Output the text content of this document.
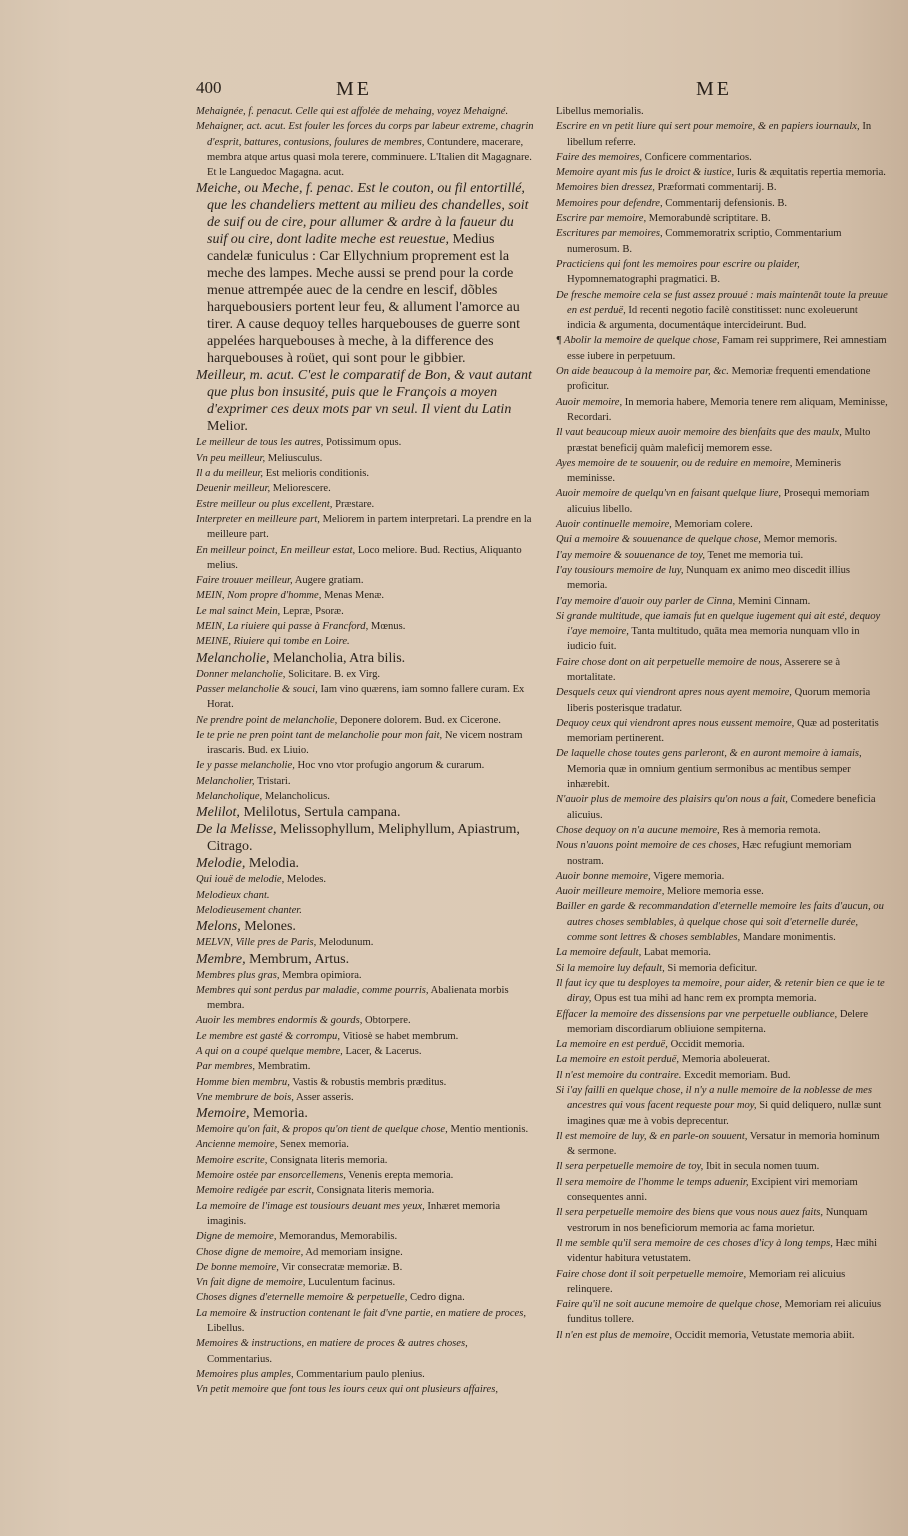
400	ME	ME

Mehaignée, f. penacut. Celle qui est affolée de mehaing, voyez Mehaigné.

Mehaigner, act. acut. Est fouler les forces du corps par labeur extreme, chagrin d'esprit, battures, contusions, foulures de membres, Contundere, macerare, membra atque artus quasi mola terere, comminuere. L'Italien dit Magagnare. Et le Languedoc Magagna. acut.

Meiche, ou Meche, f. penac. Est le couton, ou fil entortillé, que les chandeliers mettent au milieu des chandelles, soit de suif ou de cire, pour allumer & ardre à la faueur du suif ou cire, dont ladite meche est reuestue, Medius candelæ funiculus : Car Ellychnium proprement est la meche des lampes. Meche aussi se prend pour la corde menue attrempée auec de la cendre en lescif, dõbles harquebousiers portent leur feu, & allument l'amorce au tirer. A cause dequoy telles harquebouses de guerre sont appelées harquebouses à meche, à la difference des harquebouses à roüet, qui sont pour le gibbier.

Meilleur, m. acut. C'est le comparatif de Bon, & vaut autant que plus bon insusité, puis que le François a moyen d'exprimer ces deux mots par vn seul. Il vient du Latin Melior.

Le meilleur de tous les autres, Potissimum opus.

Vn peu meilleur, Meliusculus.

Il a du meilleur, Est melioris conditionis.

Deuenir meilleur, Meliorescere.

Estre meilleur ou plus excellent, Præstare.

Interpreter en meilleure part, Meliorem in partem interpretari. La prendre en la meilleure part.

En meilleur poinct, En meilleur estat, Loco meliore. Bud. Rectius, Aliquanto melius.

Faire trouuer meilleur, Augere gratiam.

MEIN, Nom propre d'homme, Menas Menæ.

Le mal sainct Mein, Lepræ, Psoræ.

MEIN, La riuiere qui passe à Francford, Mœnus.

MEINE, Riuiere qui tombe en Loire.

Melancholie, Melancholia, Atra bilis.

Donner melancholie, Solicitare. B. ex Virg.

Passer melancholie & souci, Iam vino quærens, iam somno fallere curam. Ex Horat.

Ne prendre point de melancholie, Deponere dolorem. Bud. ex Cicerone.

Ie te prie ne pren point tant de melancholie pour mon fait, Ne vicem nostram irascaris. Bud. ex Liuio.

Ie y passe melancholie, Hoc vno vtor profugio angorum & curarum.

Melancholier, Tristari.

Melancholique, Melancholicus.

Melilot, Melilotus, Sertula campana.

De la Melisse, Melissophyllum, Meliphyllum, Apiastrum, Citrago.

Melodie, Melodia.

Qui iouë de melodie, Melodes.

Melodieux chant.

Melodieusement chanter.

Melons, Melones.

MELVN, Ville pres de Paris, Melodunum.

Membre, Membrum, Artus.

Membres plus gras, Membra opimiora.

Membres qui sont perdus par maladie, comme pourris, Abalienata morbis membra.

Auoir les membres endormis & gourds, Obtorpere.

Le membre est gasté & corrompu, Vitiosè se habet membrum.

A qui on a coupé quelque membre, Lacer, & Lacerus.

Par membres, Membratim.

Homme bien membru, Vastis & robustis membris præditus.

Vne membrure de bois, Asser asseris.

Memoire, Memoria.

Memoire qu'on fait, & propos qu'on tient de quelque chose, Mentio mentionis.

Ancienne memoire, Senex memoria.

Memoire escrite, Consignata literis memoria.

Memoire ostée par ensorcellemens, Venenis erepta memoria.

Memoire redigée par escrit, Consignata literis memoria.

La memoire de l'image est tousiours deuant mes yeux, Inhæret memoria imaginis.

Digne de memoire, Memorandus, Memorabilis.

Chose digne de memoire, Ad memoriam insigne.

De bonne memoire, Vir consecratæ memoriæ. B.

Vn fait digne de memoire, Luculentum facinus.

Choses dignes d'eternelle memoire & perpetuelle, Cedro digna.

La memoire & instruction contenant le fait d'vne partie, en matiere de proces, Libellus.

Memoires & instructions, en matiere de proces & autres choses, Commentarius.

Memoires plus amples, Commentarium paulo plenius.

Vn petit memoire que font tous les iours ceux qui ont plusieurs affaires,

Libellus memorialis.

Escrire en vn petit liure qui sert pour memoire, & en papiers iournaulx, In libellum referre.

Faire des memoires, Conficere commentarios.

Memoire ayant mis fus le droict & iustice, Iuris & æquitatis repertia memoria.

Memoires bien dressez, Præformati commentarij. B.

Memoires pour defendre, Commentarij defensionis. B.

Escrire par memoire, Memorabundè scriptitare. B.

Escritures par memoires, Commemoratrix scriptio, Commentarium numerosum. B.

Practiciens qui font les memoires pour escrire ou plaider, Hypomnematographi pragmatici. B.

De fresche memoire cela se fust assez prouué : mais maintenāt toute la preuue en est perduë, Id recenti negotio facilè constitisset: nunc exoleuerunt indicia & argumenta, documentáque intercideirunt. Bud.

¶ Abolir la memoire de quelque chose, Famam rei supprimere, Rei amnestiam esse iubere in perpetuum.

On aide beaucoup à la memoire par, &c. Memoriæ frequenti emendatione proficitur.

Auoir memoire, In memoria habere, Memoria tenere rem aliquam, Meminisse, Recordari.

Il vaut beaucoup mieux auoir memoire des bienfaits que des maulx, Multo præstat beneficij quàm maleficij memorem esse.

Ayes memoire de te souuenir, ou de reduire en memoire, Memineris meminisse.

Auoir memoire de quelqu'vn en faisant quelque liure, Prosequi memoriam alicuius libello.

Auoir continuelle memoire, Memoriam colere.

Qui a memoire & souuenance de quelque chose, Memor memoris.

I'ay memoire & souuenance de toy, Tenet me memoria tui.

I'ay tousiours memoire de luy, Nunquam ex animo meo discedit illius memoria.

I'ay memoire d'auoir ouy parler de Cinna, Memini Cinnam.

Si grande multitude, que iamais fut en quelque iugement qui ait esté, dequoy i'aye memoire, Tanta multitudo, quāta mea memoria nunquam vllo in iudicio fuit.

Faire chose dont on ait perpetuelle memoire de nous, Asserere se à mortalitate.

Desquels ceux qui viendront apres nous ayent memoire, Quorum memoria liberis posterisque tradatur.

Dequoy ceux qui viendront apres nous eussent memoire, Quæ ad posteritatis memoriam pertinerent.

De laquelle chose toutes gens parleront, & en auront memoire à iamais, Memoria quæ in omnium gentium sermonibus ac mentibus semper inhærebit.

N'auoir plus de memoire des plaisirs qu'on nous a fait, Comedere beneficia alicuius.

Chose dequoy on n'a aucune memoire, Res à memoria remota.

Nous n'auons point memoire de ces choses, Hæc refugiunt memoriam nostram.

Auoir bonne memoire, Vigere memoria.

Auoir meilleure memoire, Meliore memoria esse.

Bailler en garde & recommandation d'eternelle memoire les faits d'aucun, ou autres choses semblables, à quelque chose qui soit d'eternelle durée, comme sont lettres & choses semblables, Mandare monimentis.

La memoire default, Labat memoria.

Si la memoire luy default, Si memoria deficitur.

Il faut icy que tu desployes ta memoire, pour aider, & retenir bien ce que ie te diray, Opus est tua mihi ad hanc rem ex prompta memoria.

Effacer la memoire des dissensions par vne perpetuelle oubliance, Delere memoriam discordiarum obliuione sempiterna.

La memoire en est perduë, Occidit memoria.

La memoire en estoit perduë, Memoria aboleuerat.

Il n'est memoire du contraire. Excedit memoriam. Bud.

Si i'ay failli en quelque chose, il n'y a nulle memoire de la noblesse de mes ancestres qui vous facent requeste pour moy, Si quid deliquero, nullæ sunt imagines quæ me à vobis deprecentur.

Il est memoire de luy, & en parle-on souuent, Versatur in memoria hominum & sermone.

Il sera perpetuelle memoire de toy, Ibit in secula nomen tuum.

Il sera memoire de l'homme le temps aduenir, Excipient viri memoriam consequentes anni.

Il sera perpetuelle memoire des biens que vous nous auez faits, Nunquam vestrorum in nos beneficiorum memoria ac fama morietur.

Il me semble qu'il sera memoire de ces choses d'icy à long temps, Hæc mihi videntur habitura vetustatem.

Faire chose dont il soit perpetuelle memoire, Memoriam rei alicuius relinquere.

Faire qu'il ne soit aucune memoire de quelque chose, Memoriam rei alicuius funditus tollere.

Il n'en est plus de memoire, Occidit memoria, Vetustate memoria abiit.
